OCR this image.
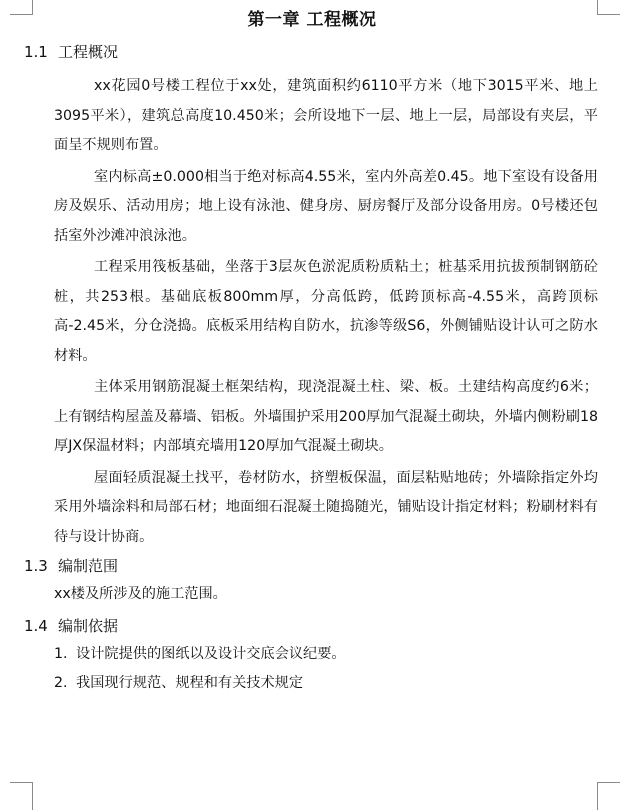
第一章 工程概况
1.1 工程概况

xx花园0号楼工程位于xx处，建筑面积约6110平方米（地下3015平米、地上3095平米），建筑总高度10.450米；会所设地下一层、地上一层，局部设有夹层，平面呈不规则布置。

室内标高±0.000相当于绝对标高4.55米，室内外高差0.45。地下室设有设备用房及娱乐、活动用房；地上设有泳池、健身房、厨房餐厅及部分设备用房。0号楼还包括室外沙滩冲浪泳池。

工程采用筏板基础，坐落于3层灰色淤泥质粉质粘土；桩基采用抗拔预制钢筋砼桩，共253根。基础底板800mm厚，分高低跨，低跨顶标高-4.55米，高跨顶标高-2.45米，分仓浇捣。底板采用结构自防水，抗渗等级S6，外侧铺贴设计认可之防水材料。

主体采用钢筋混凝土框架结构，现浇混凝土柱、梁、板。土建结构高度约6米；上有钢结构屋盖及幕墙、铝板。外墙围护采用200厚加气混凝土砌块，外墙内侧粉刷18厚JX保温材料；内部填充墙用120厚加气混凝土砌块。

屋面轻质混凝土找平，卷材防水，挤塑板保温，面层粘贴地砖；外墙除指定外均采用外墙涂料和局部石材；地面细石混凝土随捣随光，铺贴设计指定材料；粉刷材料有待与设计协商。

1.3 编制范围

xx楼及所涉及的施工范围。

1.4 编制依据
1. 设计院提供的图纸以及设计交底会议纪要。
2. 我国现行规范、规程和有关技术规定
